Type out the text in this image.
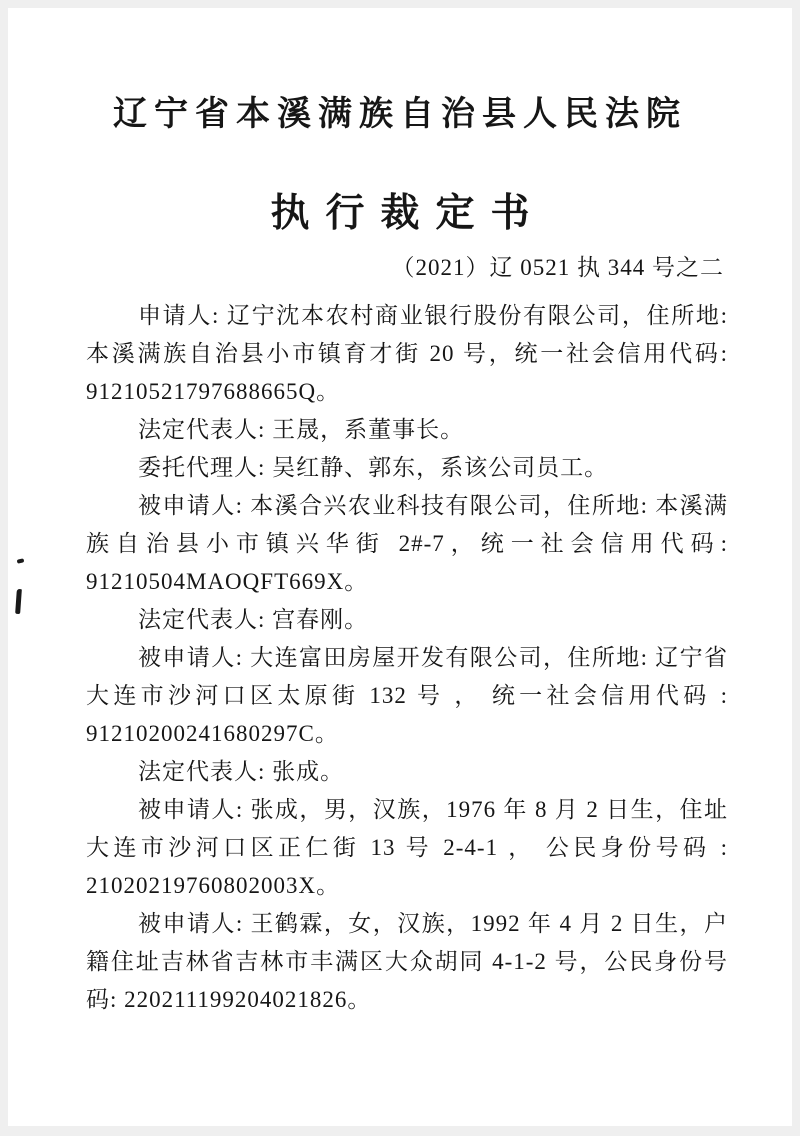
辽宁省本溪满族自治县人民法院
执行裁定书
（2021）辽 0521 执 344 号之二

申请人: 辽宁沈本农村商业银行股份有限公司，住所地: 本溪满族自治县小市镇育才街 20 号，统一社会信用代码: 91210521797688665Q。

法定代表人: 王晟，系董事长。

委托代理人: 吴红静、郭东，系该公司员工。

被申请人: 本溪合兴农业科技有限公司，住所地: 本溪满族自治县小市镇兴华街 2#-7，统一社会信用代码: 91210504MAOQFT669X。

法定代表人: 宫春刚。

被申请人: 大连富田房屋开发有限公司，住所地: 辽宁省大连市沙河口区太原街 132 号 ， 统一社会信用代码 : 91210200241680297C。

法定代表人: 张成。

被申请人: 张成，男，汉族，1976 年 8 月 2 日生，住址大连市沙河口区正仁街 13 号 2-4-1 ， 公民身份号码 : 21020219760802003X。

被申请人: 王鹤霖，女，汉族，1992 年 4 月 2 日生，户籍住址吉林省吉林市丰满区大众胡同 4-1-2 号，公民身份号码: 220211199204021826。
